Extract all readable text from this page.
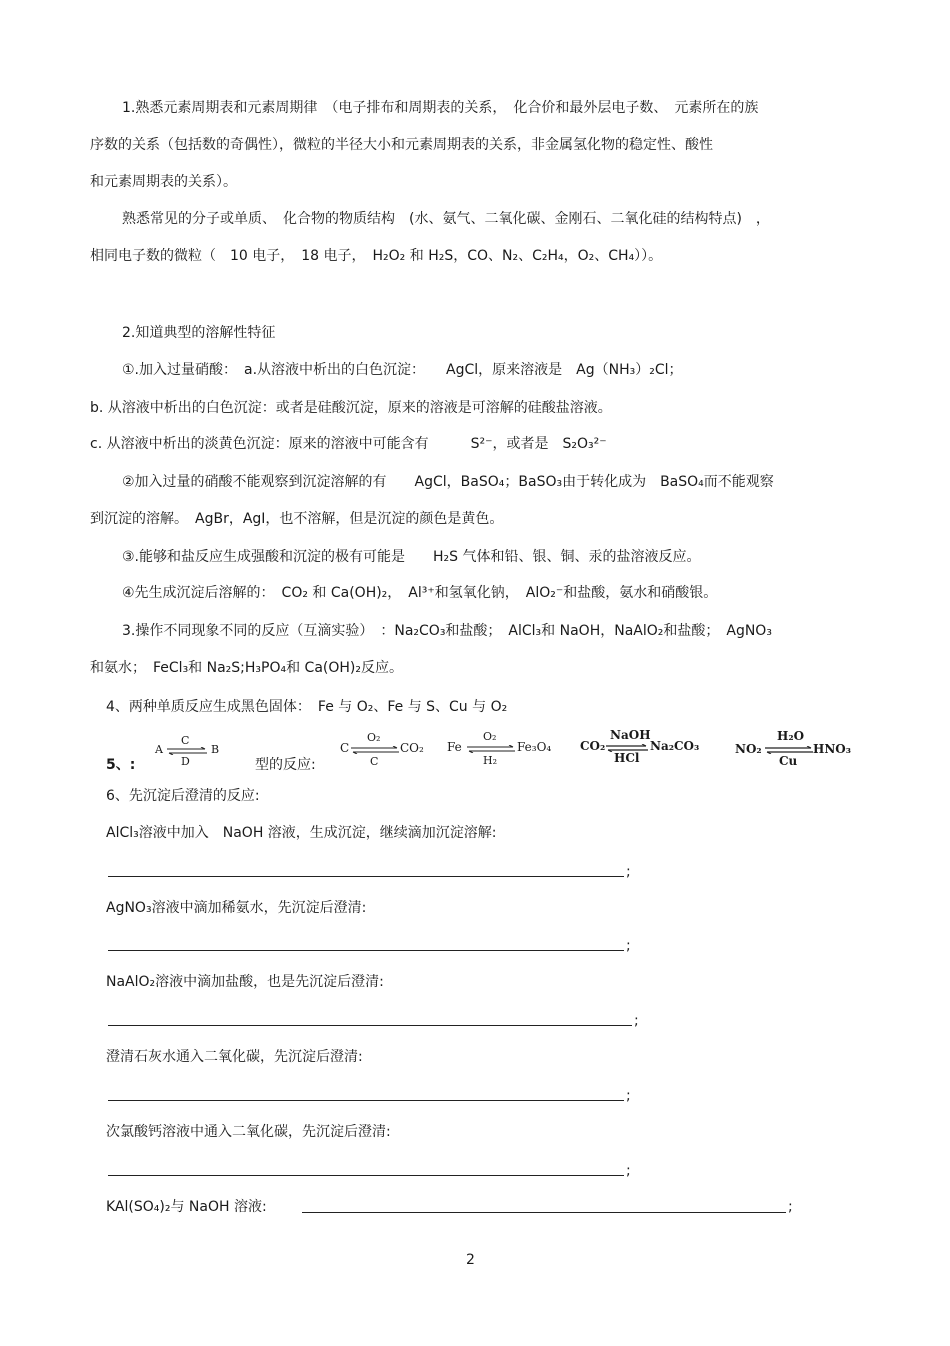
1.熟悉元素周期表和元素周期律　（电子排布和周期表的关系，　化合价和最外层电子数、　元素所在的族
序数的关系（包括数的奇偶性），微粒的半径大小和元素周期表的关系，非金属氢化物的稳定性、酸性
和元素周期表的关系）。
熟悉常见的分子或单质、　化合物的物质结构　(水、氨气、二氧化碳、金刚石、二氧化硅的结构特点)　，
相同电子数的微粒（　10 电子，　18 电子，　H₂O₂ 和 H₂S，CO、N₂、C₂H₄，O₂、CH₄））。
2.知道典型的溶解性特征
①.加入过量硝酸：　a.从溶液中析出的白色沉淀：　　AgCl，原来溶液是　Ag（NH₃）₂Cl；
b. 从溶液中析出的白色沉淀：或者是硅酸沉淀，原来的溶液是可溶解的硅酸盐溶液。
c. 从溶液中析出的淡黄色沉淀：原来的溶液中可能含有　　　S²⁻，或者是　S₂O₃²⁻
②加入过量的硝酸不能观察到沉淀溶解的有　　AgCl，BaSO₄；BaSO₃由于转化成为　BaSO₄而不能观察
到沉淀的溶解。　AgBr，AgI，也不溶解，但是沉淀的颜色是黄色。
③.能够和盐反应生成强酸和沉淀的极有可能是　　H₂S 气体和铅、银、铜、汞的盐溶液反应。
④先生成沉淀后溶解的：　CO₂ 和 Ca(OH)₂，　Al³⁺和氢氧化钠，　AlO₂⁻和盐酸，氨水和硝酸银。
3.操作不同现象不同的反应（互滴实验）　：Na₂CO₃和盐酸；　AlCl₃和 NaOH，NaAlO₂和盐酸；　AgNO₃
和氨水；　FeCl₃和 Na₂S;H₃PO₄和 Ca(OH)₂反应。
4、两种单质反应生成黑色固体：　Fe 与 O₂、Fe 与 S、Cu 与 O₂
5、:	型的反应:
A
C
D
B	C
O₂
C
CO₂ Fe
O₂
H₂
Fe₃O₄ CO₂
NaOH
HCl
Na₂CO₃	NO₂
H₂O
Cu
HNO₃
6、先沉淀后澄清的反应:
AlCl₃溶液中加入　NaOH 溶液，生成沉淀，继续滴加沉淀溶解:
;
AgNO₃溶液中滴加稀氨水，先沉淀后澄清:
;
NaAlO₂溶液中滴加盐酸，也是先沉淀后澄清:
;
澄清石灰水通入二氧化碳，先沉淀后澄清:
;
次氯酸钙溶液中通入二氧化碳，先沉淀后澄清:
;
KAl(SO₄)₂与 NaOH 溶液:	;
2
